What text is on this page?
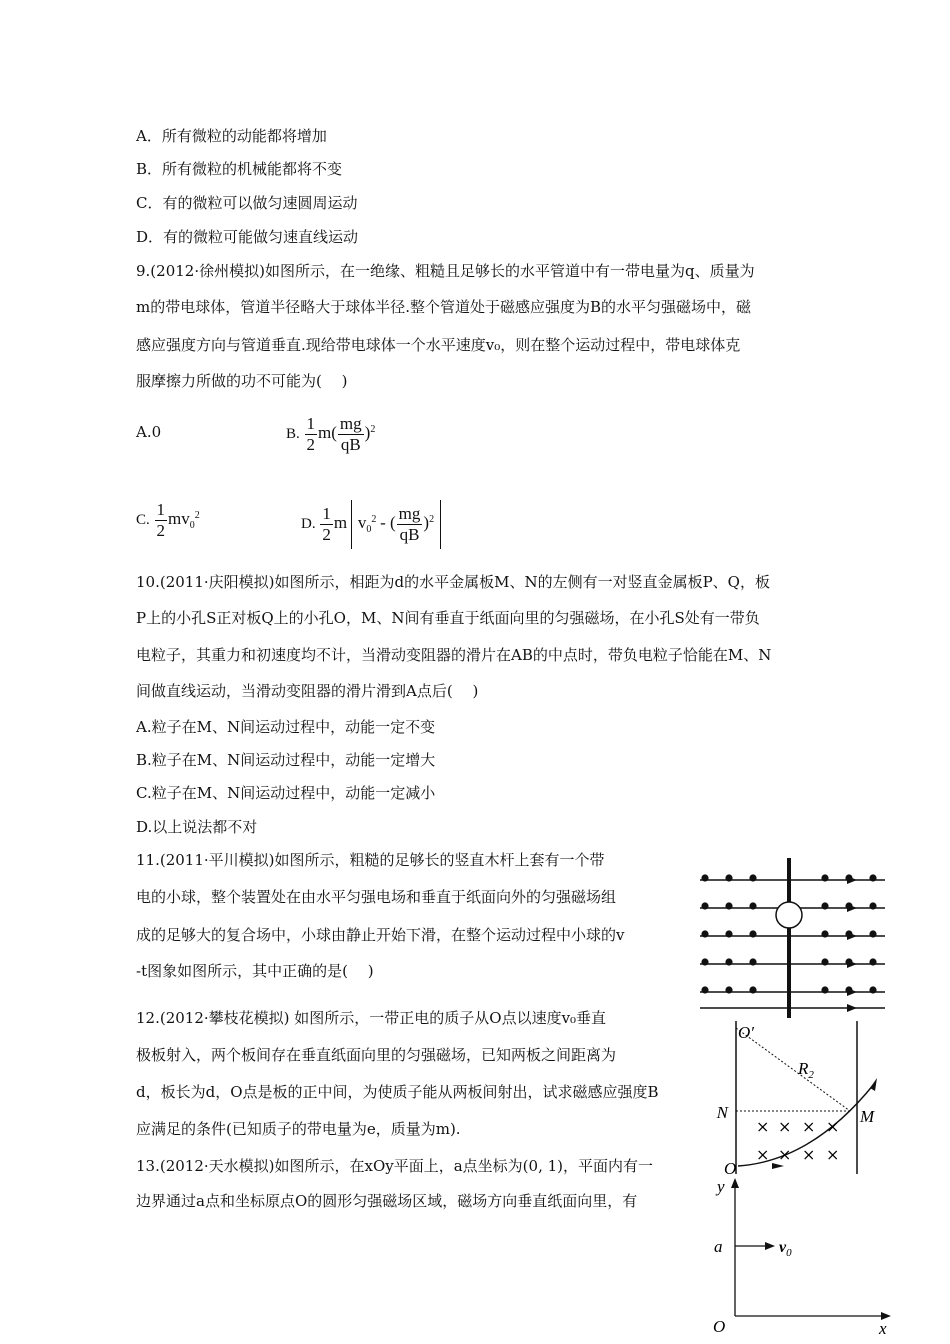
A．所有微粒的动能都将增加
B．所有微粒的机械能都将不变
C．有的微粒可以做匀速圆周运动
D．有的微粒可能做匀速直线运动
9.(2012·徐州模拟)如图所示，在一绝缘、粗糙且足够长的水平管道中有一带电量为q、质量为
m的带电球体，管道半径略大于球体半径.整个管道处于磁感应强度为B的水平匀强磁场中，磁
感应强度方向与管道垂直.现给带电球体一个水平速度v₀，则在整个运动过程中，带电球体克
服摩擦力所做的功不可能为(　 )
A.0	B. $\frac{1}{2} m( \frac{mg}{qB} )^2$
C. $\frac{1}{2} mv_0^2$
D. $\frac{1}{2}$ m $v_0^2$ - ( $\frac{mg}{qB} )^2$
10.(2011·庆阳模拟)如图所示，相距为d的水平金属板M、N的左侧有一对竖直金属板P、Q，板
P上的小孔S正对板Q上的小孔O，M、N间有垂直于纸面向里的匀强磁场，在小孔S处有一带负
电粒子，其重力和初速度均不计，当滑动变阻器的滑片在AB的中点时，带负电粒子恰能在M、N
间做直线运动，当滑动变阻器的滑片滑到A点后(　 )
A.粒子在M、N间运动过程中，动能一定不变
B.粒子在M、N间运动过程中，动能一定增大
C.粒子在M、N间运动过程中，动能一定减小
D.以上说法都不对
11.(2011·平川模拟)如图所示，粗糙的足够长的竖直木杆上套有一个带
电的小球，整个装置处在由水平匀强电场和垂直于纸面向外的匀强磁场组
成的足够大的复合场中，小球由静止开始下滑，在整个运动过程中小球的v
-t图象如图所示，其中正确的是(　 )
12.(2012·攀枝花模拟) 如图所示，一带正电的质子从O点以速度v₀垂直
极板射入，两个板间存在垂直纸面向里的匀强磁场，已知两板之间距离为
d，板长为d，O点是板的正中间，为使质子能从两板间射出，试求磁感应强度B
应满足的条件(已知质子的带电量为e，质量为m).
13.(2012·天水模拟)如图所示，在xOy平面上，a点坐标为(0, 1)，平面内有一
边界通过a点和坐标原点O的圆形匀强磁场区域，磁场方向垂直纸面向里，有
O′
$R_2$
N	M
O
× × × ×
× × × ×
y
a	$v_0$
O	x
